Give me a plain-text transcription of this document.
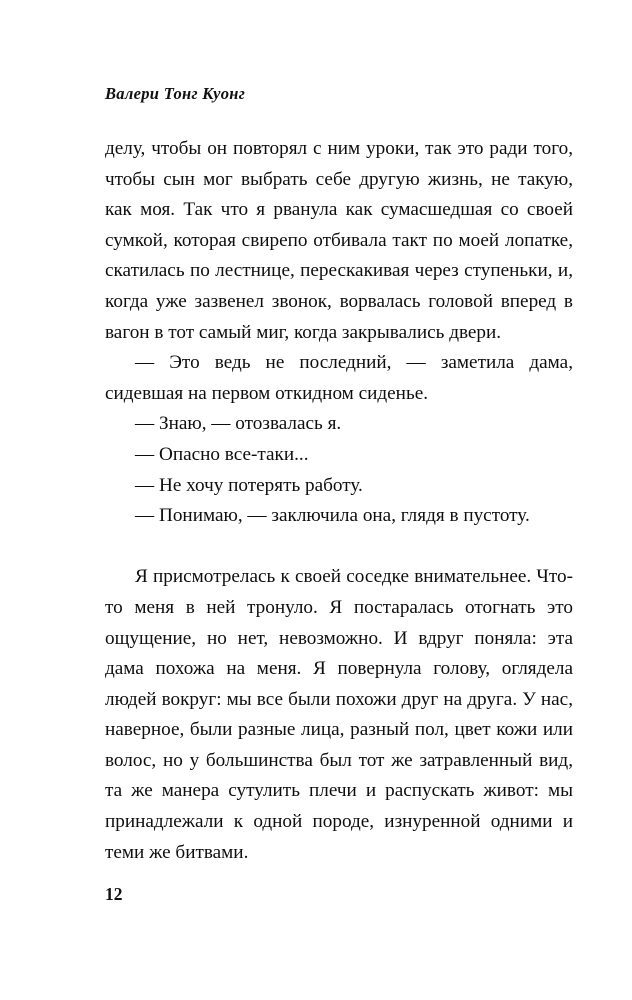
Валери Тонг Куонг

делу, чтобы он повторял с ним уроки, так это ради того, чтобы сын мог выбрать себе другую жизнь, не такую, как моя. Так что я рванула как сумасшедшая со своей сумкой, которая свирепо отбивала такт по моей лопатке, скатилась по лестнице, перескакивая через ступеньки, и, когда уже зазвенел звонок, ворвалась головой вперед в вагон в тот самый миг, когда закрывались двери.

— Это ведь не последний, — заметила дама, сидевшая на первом откидном сиденье.

— Знаю, — отозвалась я.

— Опасно все-таки...

— Не хочу потерять работу.

— Понимаю, — заключила она, глядя в пустоту.

Я присмотрелась к своей соседке внимательнее. Что-то меня в ней тронуло. Я постаралась отогнать это ощущение, но нет, невозможно. И вдруг поняла: эта дама похожа на меня. Я повернула голову, оглядела людей вокруг: мы все были похожи друг на друга. У нас, наверное, были разные лица, разный пол, цвет кожи или волос, но у большинства был тот же затравленный вид, та же манера сутулить плечи и распускать живот: мы принадлежали к одной породе, изнуренной одними и теми же битвами.

12
